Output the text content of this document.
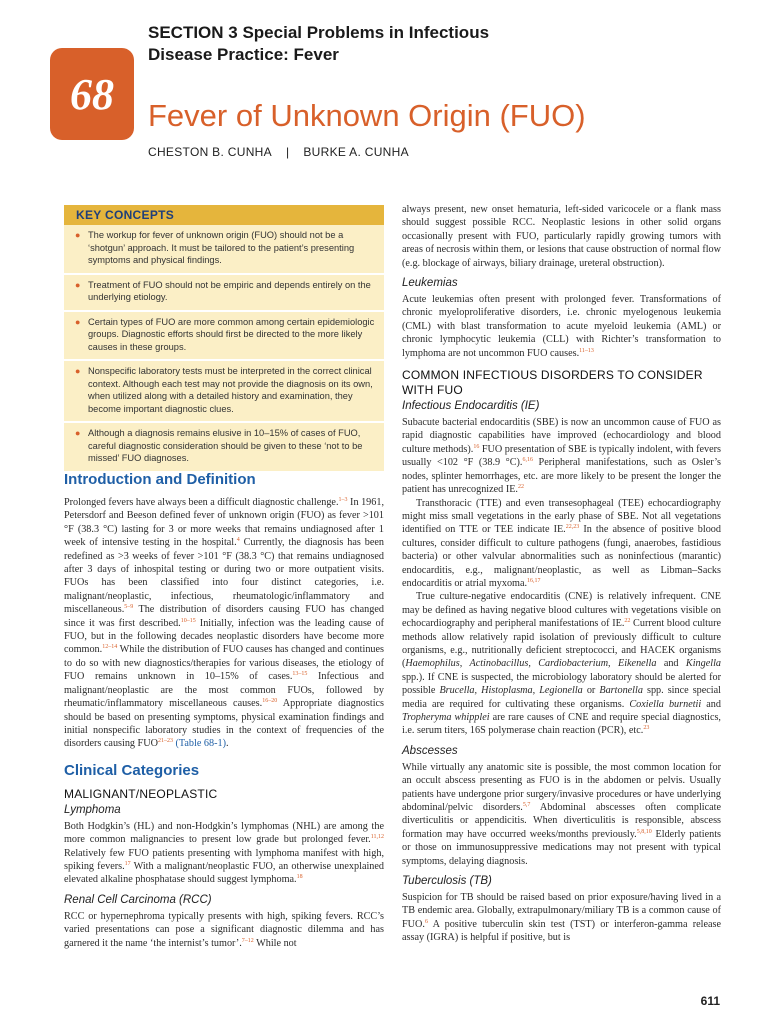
SECTION 3 Special Problems in Infectious
Disease Practice: Fever
68 Fever of Unknown Origin (FUO)
CHESTON B. CUNHA | BURKE A. CUNHA
KEY CONCEPTS
● The workup for fever of unknown origin (FUO) should not be a ‘shotgun’ approach. It must be tailored to the patient’s presenting symptoms and physical findings.
● Treatment of FUO should not be empiric and depends entirely on the underlying etiology.
● Certain types of FUO are more common among certain epidemiologic groups. Diagnostic efforts should first be directed to the more likely causes in these groups.
● Nonspecific laboratory tests must be interpreted in the correct clinical context. Although each test may not provide the diagnosis on its own, when utilized along with a detailed history and examination, they become important diagnostic clues.
● Although a diagnosis remains elusive in 10–15% of cases of FUO, careful diagnostic consideration should be given to these ‘not to be missed’ FUO diagnoses.
Introduction and Definition

Prolonged fevers have always been a difficult diagnostic challenge.$^{1-3}$ In 1961, Petersdorf and Beeson defined fever of unknown origin (FUO) as fever >101 °F (38.3 °C) lasting for 3 or more weeks that remains undiagnosed after 1 week of intensive testing in the hospital.$^4$ Currently, the diagnosis has been redefined as >3 weeks of fever >101 °F (38.3 °C) that remains undiagnosed after 3 days of inhospital testing or during two or more outpatient visits. FUOs has been classified into four distinct categories, i.e. malignant/neoplastic, infectious, rheumatologic/inflammatory and miscellaneous.$^{5-9}$ The distribution of disorders causing FUO has changed since it was first described.$^{10-15}$ Initially, infection was the leading cause of FUO, but in the following decades neoplastic disorders have become more common.$^{12-14}$ While the distribution of FUO causes has changed and continues to do so with new diagnostics/therapies for various diseases, the etiology of FUO remains unknown in 10–15% of cases.$^{13-15}$ Infectious and malignant/neoplastic are the most common FUOs, followed by rheumatic/inflammatory miscellaneous causes.$^{16-20}$ Appropriate diagnostics should be based on presenting symptoms, physical examination findings and initial nonspecific laboratory studies in the context of frequencies of the disorders causing FUO$^{21-23}$ (Table 68-1).

Clinical Categories
MALIGNANT/NEOPLASTIC
Lymphoma

Both Hodgkin’s (HL) and non-Hodgkin’s lymphomas (NHL) are among the more common malignancies to present low grade but prolonged fever.$^{11,12}$ Relatively few FUO patients presenting with lymphoma manifest with high, spiking fevers.$^{17}$ With a malignant/neoplastic FUO, an otherwise unexplained elevated alkaline phosphatase should suggest lymphoma.$^{18}$

Renal Cell Carcinoma (RCC)

RCC or hypernephroma typically presents with high, spiking fevers. RCC’s varied presentations can pose a significant diagnostic dilemma and has garnered it the name ‘the internist’s tumor’.$^{7-12}$ While not

always present, new onset hematuria, left-sided varicocele or a flank mass should suggest possible RCC. Neoplastic lesions in other solid organs occasionally present with FUO, particularly rapidly growing tumors with areas of necrosis within them, or lesions that cause obstruction of normal flow (e.g. blockage of airways, biliary drainage, ureteral obstruction).

Leukemias

Acute leukemias often present with prolonged fever. Transformations of chronic myeloproliferative disorders, i.e. chronic myelogenous leukemia (CML) with blast transformation to acute myeloid leukemia (AML) or chronic lymphocytic leukemia (CLL) with Richter’s transformation to lymphoma are not uncommon FUO causes.$^{11-13}$

COMMON INFECTIOUS DISORDERS TO CONSIDER WITH FUO
Infectious Endocarditis (IE)

Subacute bacterial endocarditis (SBE) is now an uncommon cause of FUO as rapid diagnostic capabilities have improved (echocardiology and blood culture methods).$^{16}$ FUO presentation of SBE is typically indolent, with fevers usually <102 °F (38.9 °C).$^{6,16}$ Peripheral manifestations, such as Osler’s nodes, splinter hemorrhages, etc. are more likely to be present the longer the patient has unrecognized IE.$^{22}$

Transthoracic (TTE) and even transesophageal (TEE) echocardiography might miss small vegetations in the early phase of SBE. Not all vegetations identified on TTE or TEE indicate IE.$^{22,23}$ In the absence of positive blood cultures, consider difficult to culture pathogens (fungi, anaerobes, fastidious bacteria) or other valvular abnormalities such as noninfectious (marantic) endocarditis, e.g., malignant/neoplastic, as well as Libman–Sacks endocarditis or atrial myxoma.$^{16,17}$

True culture-negative endocarditis (CNE) is relatively infrequent. CNE may be defined as having negative blood cultures with vegetations visible on echocardiography and peripheral manifestations of IE.$^{22}$ Current blood culture methods allow relatively rapid isolation of previously difficult to culture organisms, e.g., nutritionally deficient streptococci, and HACEK organisms (Haemophilus, Actinobacillus, Cardiobacterium, Eikenella and Kingella spp.). If CNE is suspected, the microbiology laboratory should be alerted for possible Brucella, Histoplasma, Legionella or Bartonella spp. since special media are required for cultivating these organisms. Coxiella burnetii and Tropheryma whipplei are rare causes of CNE and require special diagnostics, i.e. serum titers, 16S polymerase chain reaction (PCR), etc.$^{23}$

Abscesses

While virtually any anatomic site is possible, the most common location for an occult abscess presenting as FUO is in the abdomen or pelvis. Usually patients have undergone prior surgery/invasive procedures or have underlying abdominal/pelvic disorders.$^{5,7}$ Abdominal abscesses often complicate diverticulitis or appendicitis. When diverticulitis is responsible, abscess formation may have occurred weeks/months previously.$^{5,8,10}$ Elderly patients or those on immunosuppressive medications may not present with typical symptoms, delaying diagnosis.

Tuberculosis (TB)

Suspicion for TB should be raised based on prior exposure/having lived in a TB endemic area. Globally, extrapulmonary/miliary TB is a common cause of FUO.$^6$ A positive tuberculin skin test (TST) or interferon-gamma release assay (IGRA) is helpful if positive, but is

611
